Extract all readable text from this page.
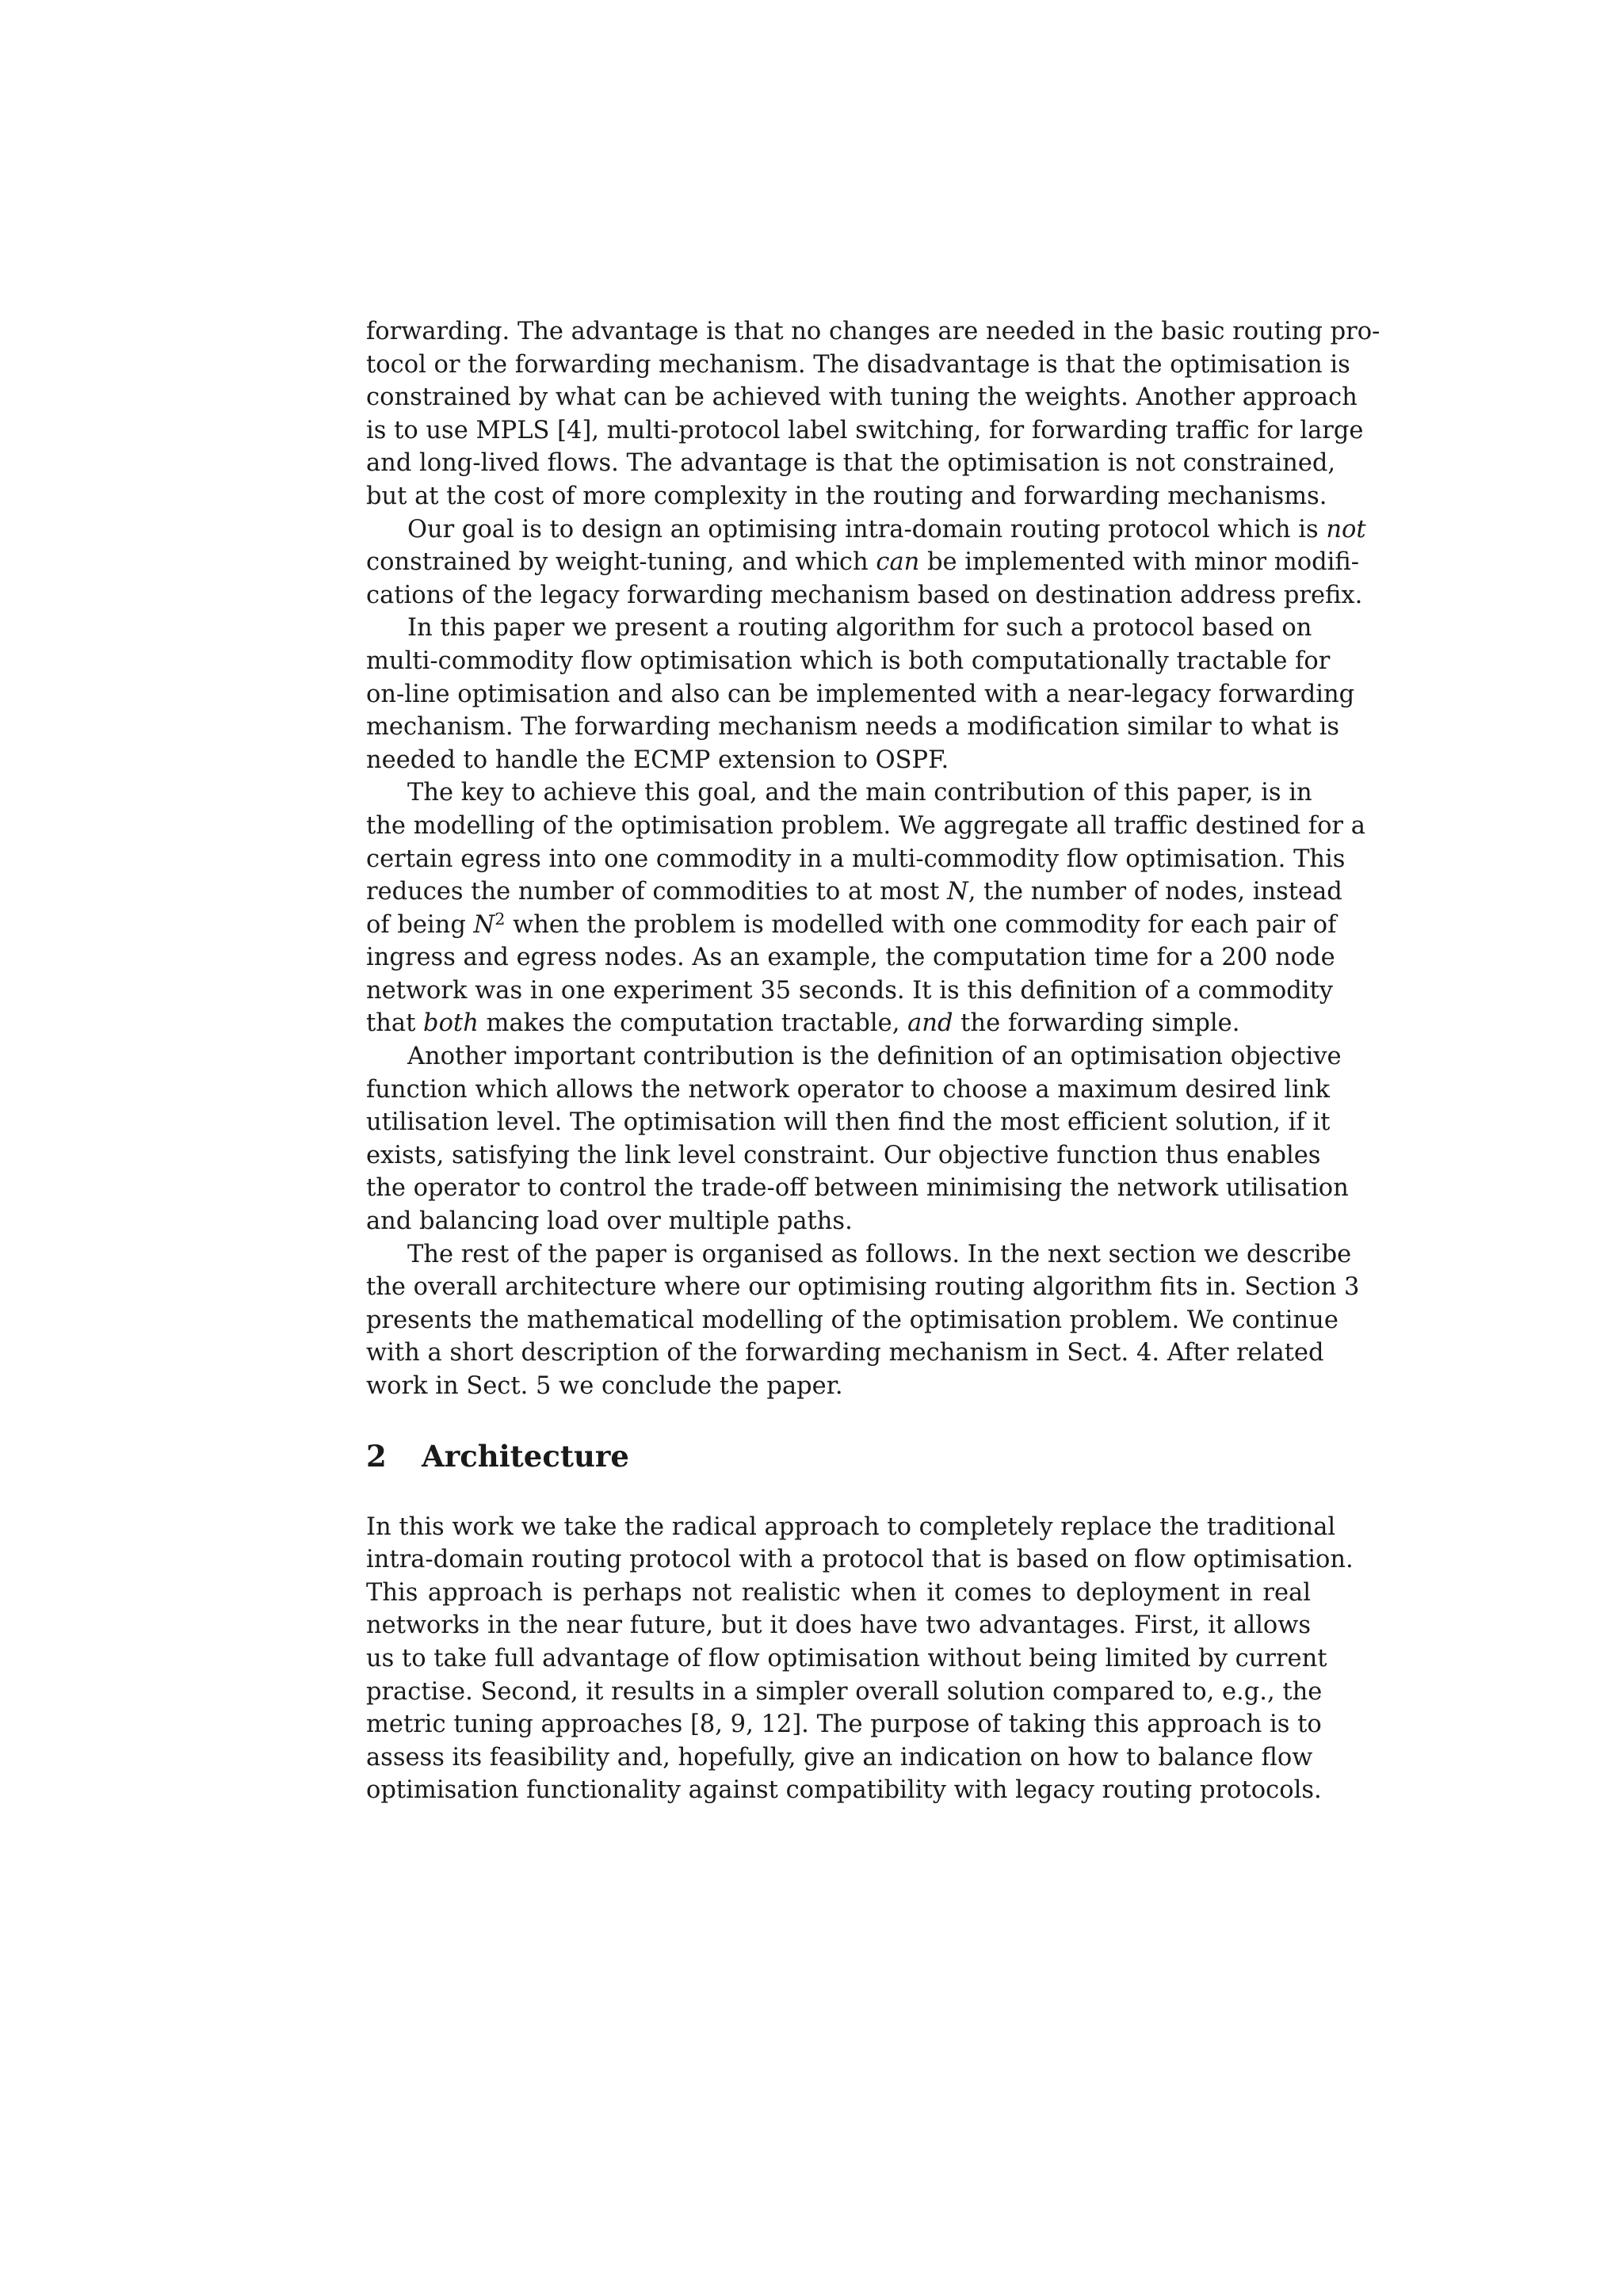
forwarding. The advantage is that no changes are needed in the basic routing pro-
tocol or the forwarding mechanism. The disadvantage is that the optimisation is
constrained by what can be achieved with tuning the weights. Another approach
is to use MPLS [4], multi-protocol label switching, for forwarding traffic for large
and long-lived flows. The advantage is that the optimisation is not constrained,
but at the cost of more complexity in the routing and forwarding mechanisms.
Our goal is to design an optimising intra-domain routing protocol which is not
constrained by weight-tuning, and which can be implemented with minor modifi-
cations of the legacy forwarding mechanism based on destination address prefix.
In this paper we present a routing algorithm for such a protocol based on
multi-commodity flow optimisation which is both computationally tractable for
on-line optimisation and also can be implemented with a near-legacy forwarding
mechanism. The forwarding mechanism needs a modification similar to what is
needed to handle the ECMP extension to OSPF.
The key to achieve this goal, and the main contribution of this paper, is in
the modelling of the optimisation problem. We aggregate all traffic destined for a
certain egress into one commodity in a multi-commodity flow optimisation. This
reduces the number of commodities to at most N, the number of nodes, instead
of being $N^2$ when the problem is modelled with one commodity for each pair of
ingress and egress nodes. As an example, the computation time for a 200 node
network was in one experiment 35 seconds. It is this definition of a commodity
that both makes the computation tractable, and the forwarding simple.
Another important contribution is the definition of an optimisation objective
function which allows the network operator to choose a maximum desired link
utilisation level. The optimisation will then find the most efficient solution, if it
exists, satisfying the link level constraint. Our objective function thus enables
the operator to control the trade-off between minimising the network utilisation
and balancing load over multiple paths.
The rest of the paper is organised as follows. In the next section we describe
the overall architecture where our optimising routing algorithm fits in. Section 3
presents the mathematical modelling of the optimisation problem. We continue
with a short description of the forwarding mechanism in Sect. 4. After related
work in Sect. 5 we conclude the paper.
2 Architecture
In this work we take the radical approach to completely replace the traditional
intra-domain routing protocol with a protocol that is based on flow optimisation.
This approach is perhaps not realistic when it comes to deployment in real
networks in the near future, but it does have two advantages. First, it allows
us to take full advantage of flow optimisation without being limited by current
practise. Second, it results in a simpler overall solution compared to, e.g., the
metric tuning approaches [8, 9, 12]. The purpose of taking this approach is to
assess its feasibility and, hopefully, give an indication on how to balance flow
optimisation functionality against compatibility with legacy routing protocols.
